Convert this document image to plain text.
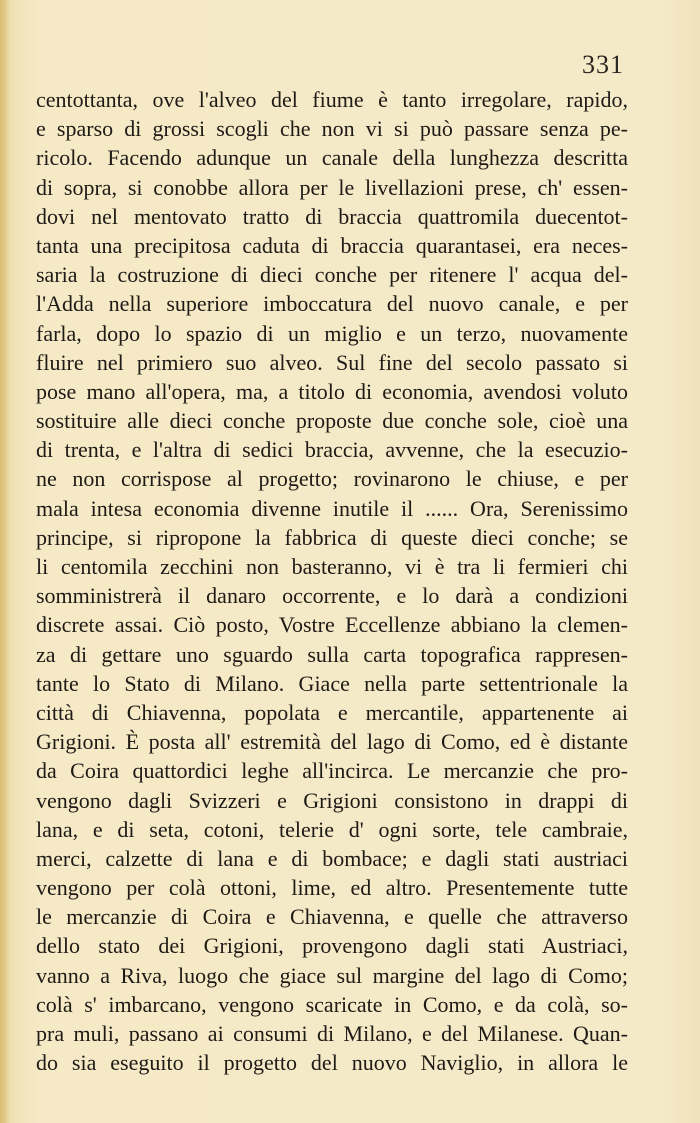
331
centottanta, ove l'alveo del fiume è tanto irregolare, rapido,
e sparso di grossi scogli che non vi si può passare senza pe-
ricolo. Facendo adunque un canale della lunghezza descritta
di sopra, si conobbe allora per le livellazioni prese, ch' essen-
dovi nel mentovato tratto di braccia quattromila duecentot-
tanta una precipitosa caduta di braccia quarantasei, era neces-
saria la costruzione di dieci conche per ritenere l' acqua del-
l'Adda nella superiore imboccatura del nuovo canale, e per
farla, dopo lo spazio di un miglio e un terzo, nuovamente
fluire nel primiero suo alveo. Sul fine del secolo passato si
pose mano all'opera, ma, a titolo di economia, avendosi voluto
sostituire alle dieci conche proposte due conche sole, cioè una
di trenta, e l'altra di sedici braccia, avvenne, che la esecuzio-
ne non corrispose al progetto; rovinarono le chiuse, e per
mala intesa economia divenne inutile il ...... Ora, Serenissimo
principe, si ripropone la fabbrica di queste dieci conche; se
li centomila zecchini non basteranno, vi è tra li fermieri chi
somministrerà il danaro occorrente, e lo darà a condizioni
discrete assai. Ciò posto, Vostre Eccellenze abbiano la clemen-
za di gettare uno sguardo sulla carta topografica rappresen-
tante lo Stato di Milano. Giace nella parte settentrionale la
città di Chiavenna, popolata e mercantile, appartenente ai
Grigioni. È posta all' estremità del lago di Como, ed è distante
da Coira quattordici leghe all'incirca. Le mercanzie che pro-
vengono dagli Svizzeri e Grigioni consistono in drappi di
lana, e di seta, cotoni, telerie d' ogni sorte, tele cambraie,
merci, calzette di lana e di bombace; e dagli stati austriaci
vengono per colà ottoni, lime, ed altro. Presentemente tutte
le mercanzie di Coira e Chiavenna, e quelle che attraverso
dello stato dei Grigioni, provengono dagli stati Austriaci,
vanno a Riva, luogo che giace sul margine del lago di Como;
colà s' imbarcano, vengono scaricate in Como, e da colà, so-
pra muli, passano ai consumi di Milano, e del Milanese. Quan-
do sia eseguito il progetto del nuovo Naviglio, in allora le
